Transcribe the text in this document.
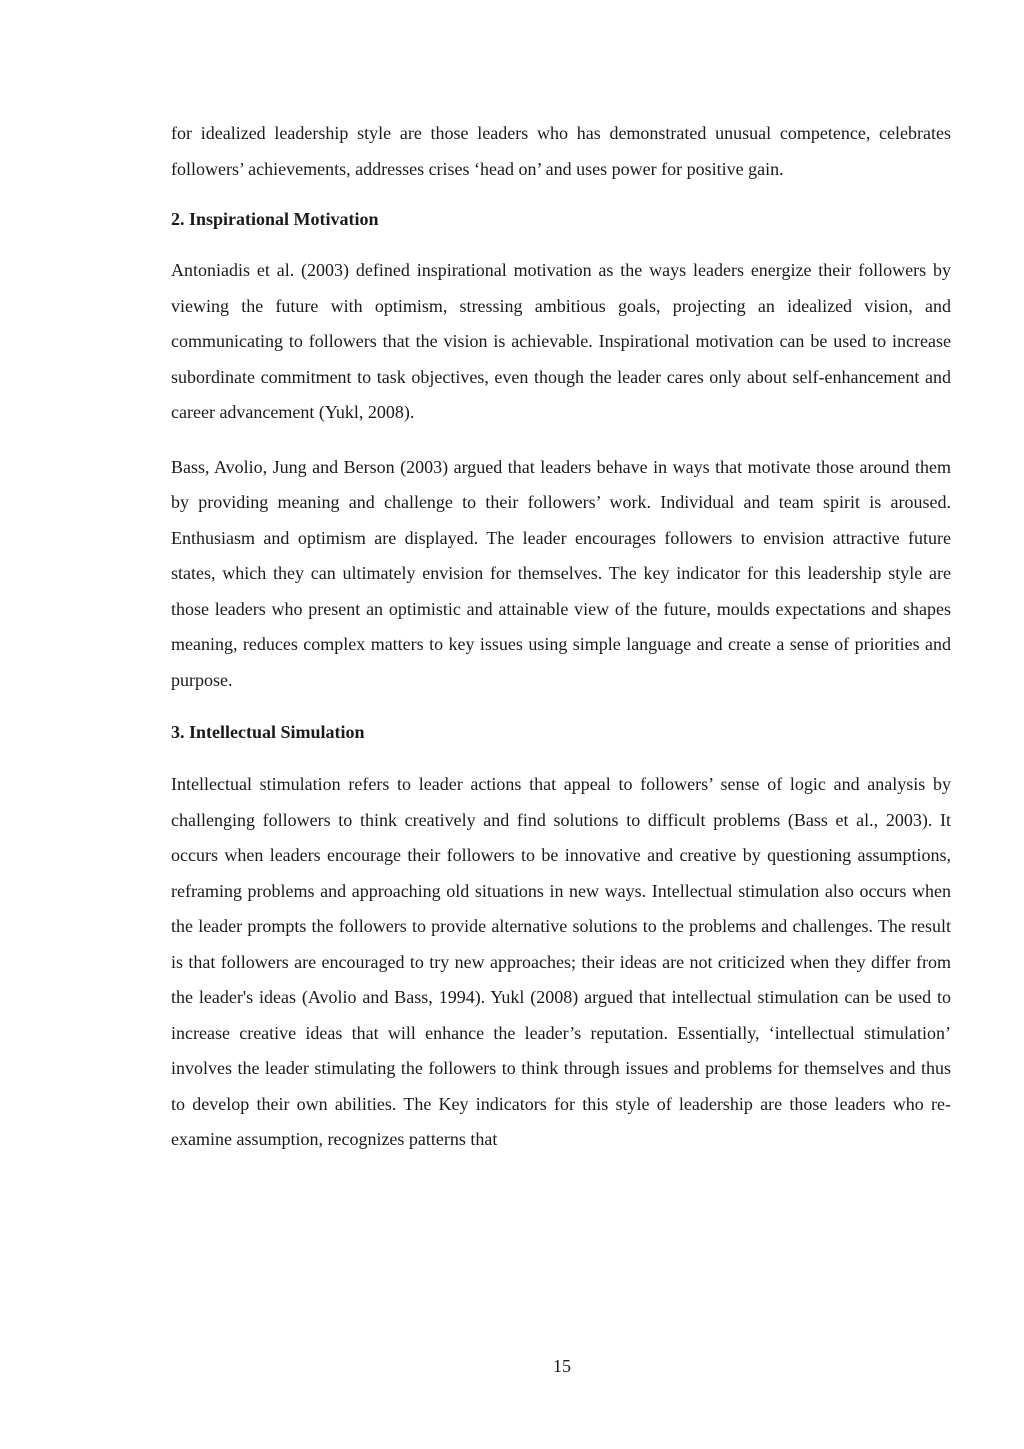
for idealized leadership style are those leaders who has demonstrated unusual competence, celebrates followers’ achievements, addresses crises ‘head on’ and uses power for positive gain.

2. Inspirational Motivation

Antoniadis et al. (2003) defined inspirational motivation as the ways leaders energize their followers by viewing the future with optimism, stressing ambitious goals, projecting an idealized vision, and communicating to followers that the vision is achievable. Inspirational motivation can be used to increase subordinate commitment to task objectives, even though the leader cares only about self-enhancement and career advancement (Yukl, 2008).

Bass, Avolio, Jung and Berson (2003) argued that leaders behave in ways that motivate those around them by providing meaning and challenge to their followers’ work. Individual and team spirit is aroused. Enthusiasm and optimism are displayed. The leader encourages followers to envision attractive future states, which they can ultimately envision for themselves. The key indicator for this leadership style are those leaders who present an optimistic and attainable view of the future, moulds expectations and shapes meaning, reduces complex matters to key issues using simple language and create a sense of priorities and purpose.

3. Intellectual Simulation

Intellectual stimulation refers to leader actions that appeal to followers’ sense of logic and analysis by challenging followers to think creatively and find solutions to difficult problems (Bass et al., 2003). It occurs when leaders encourage their followers to be innovative and creative by questioning assumptions, reframing problems and approaching old situations in new ways. Intellectual stimulation also occurs when the leader prompts the followers to provide alternative solutions to the problems and challenges. The result is that followers are encouraged to try new approaches; their ideas are not criticized when they differ from the leader's ideas (Avolio and Bass, 1994). Yukl (2008) argued that intellectual stimulation can be used to increase creative ideas that will enhance the leader’s reputation. Essentially, ‘intellectual stimulation’ involves the leader stimulating the followers to think through issues and problems for themselves and thus to develop their own abilities. The Key indicators for this style of leadership are those leaders who re-examine assumption, recognizes patterns that

15
